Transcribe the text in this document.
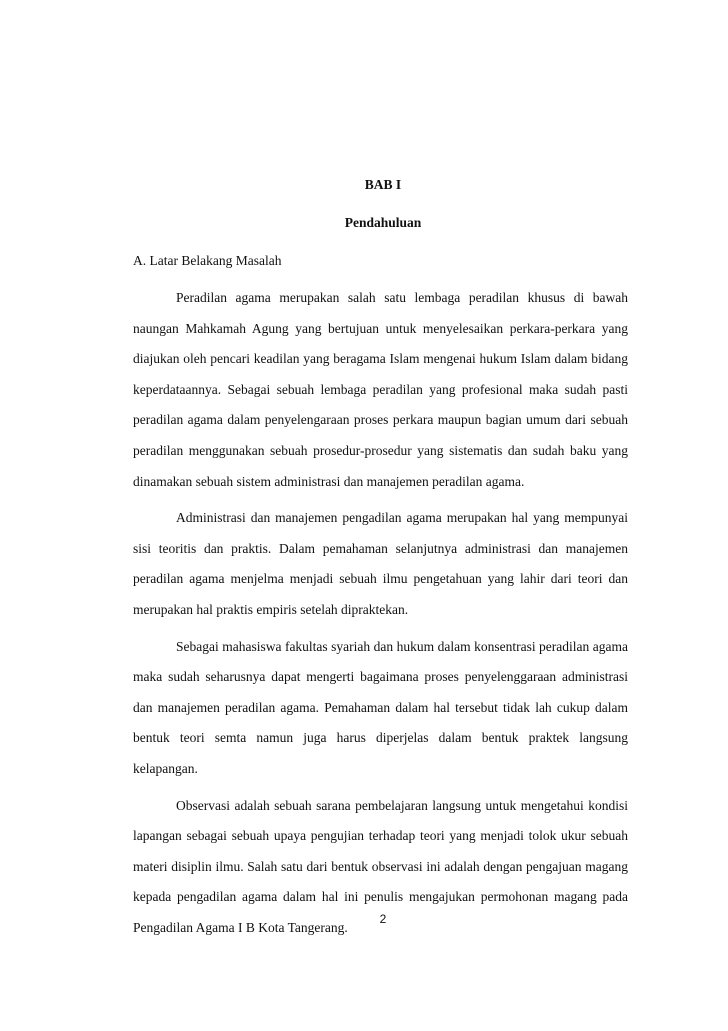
BAB I
Pendahuluan
A. Latar Belakang Masalah

Peradilan agama merupakan salah satu lembaga peradilan khusus di bawah naungan Mahkamah Agung yang bertujuan untuk menyelesaikan perkara-perkara yang diajukan oleh pencari keadilan yang beragama Islam mengenai hukum Islam dalam bidang keperdataannya. Sebagai sebuah lembaga peradilan yang profesional maka sudah pasti peradilan agama dalam penyelengaraan proses perkara maupun bagian umum dari sebuah peradilan menggunakan sebuah prosedur-prosedur yang sistematis dan sudah baku yang dinamakan sebuah sistem administrasi dan manajemen peradilan agama.

Administrasi dan manajemen pengadilan agama merupakan hal yang mempunyai sisi teoritis dan praktis. Dalam pemahaman selanjutnya administrasi dan manajemen peradilan agama menjelma menjadi sebuah ilmu pengetahuan yang lahir dari teori dan merupakan hal praktis empiris setelah dipraktekan.

Sebagai mahasiswa fakultas syariah dan hukum dalam konsentrasi peradilan agama maka sudah seharusnya dapat mengerti bagaimana proses penyelenggaraan administrasi dan manajemen peradilan agama. Pemahaman dalam hal tersebut tidak lah cukup dalam bentuk teori semta namun juga harus diperjelas dalam bentuk praktek langsung kelapangan.

Observasi adalah sebuah sarana pembelajaran langsung untuk mengetahui kondisi lapangan sebagai sebuah upaya pengujian terhadap teori yang menjadi tolok ukur sebuah materi disiplin ilmu. Salah satu dari bentuk observasi ini adalah dengan pengajuan magang kepada pengadilan agama dalam hal ini penulis mengajukan permohonan magang pada Pengadilan Agama I B Kota Tangerang.

2
